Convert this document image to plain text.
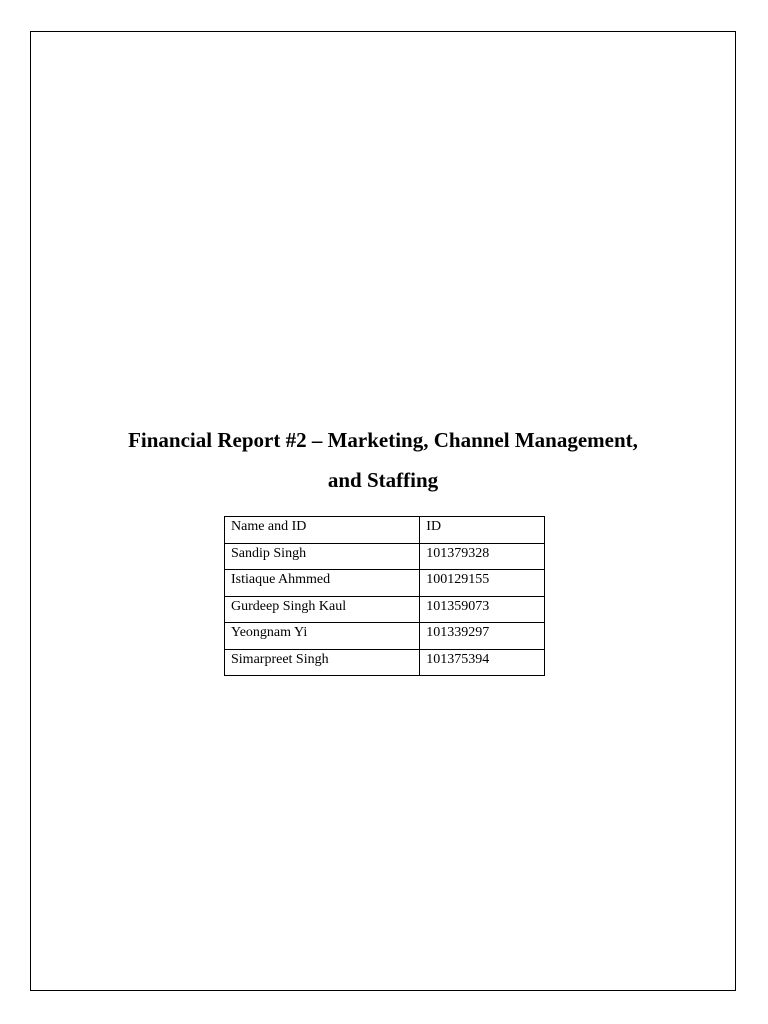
Financial Report #2 – Marketing, Channel Management,
and Staffing
Name and ID	ID
Sandip Singh	101379328
Istiaque Ahmmed	100129155
Gurdeep Singh Kaul	101359073
Yeongnam Yi	101339297
Simarpreet Singh	101375394
